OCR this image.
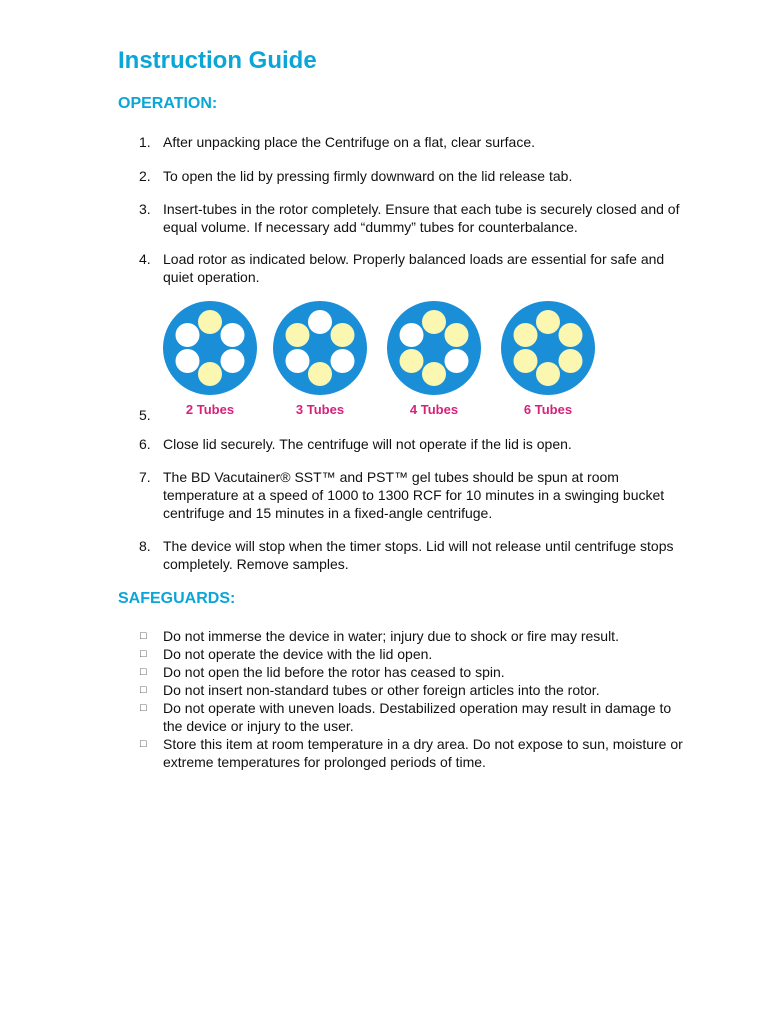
Instruction Guide
OPERATION:
1. After unpacking place the Centrifuge on a flat, clear surface.
2. To open the lid by pressing firmly downward on the lid release tab.
3. Insert-tubes in the rotor completely. Ensure that each tube is securely closed and of equal volume. If necessary add “dummy” tubes for counterbalance.
4. Load rotor as indicated below. Properly balanced loads are essential for safe and quiet operation.
5.
6. Close lid securely. The centrifuge will not operate if the lid is open.
7. The BD Vacutainer® SST™ and PST™ gel tubes should be spun at room temperature at a speed of 1000 to 1300 RCF for 10 minutes in a swinging bucket centrifuge and 15 minutes in a fixed-angle centrifuge.
8. The device will stop when the timer stops. Lid will not release until centrifuge stops completely. Remove samples.
2 Tubes	3 Tubes	4 Tubes	6 Tubes
SAFEGUARDS:
□	Do not immerse the device in water; injury due to shock or fire may result.
□	Do not operate the device with the lid open.
□	Do not open the lid before the rotor has ceased to spin.
□	Do not insert non-standard tubes or other foreign articles into the rotor.
□	Do not operate with uneven loads. Destabilized operation may result in damage to the device or injury to the user.
□	Store this item at room temperature in a dry area. Do not expose to sun, moisture or extreme temperatures for prolonged periods of time.
